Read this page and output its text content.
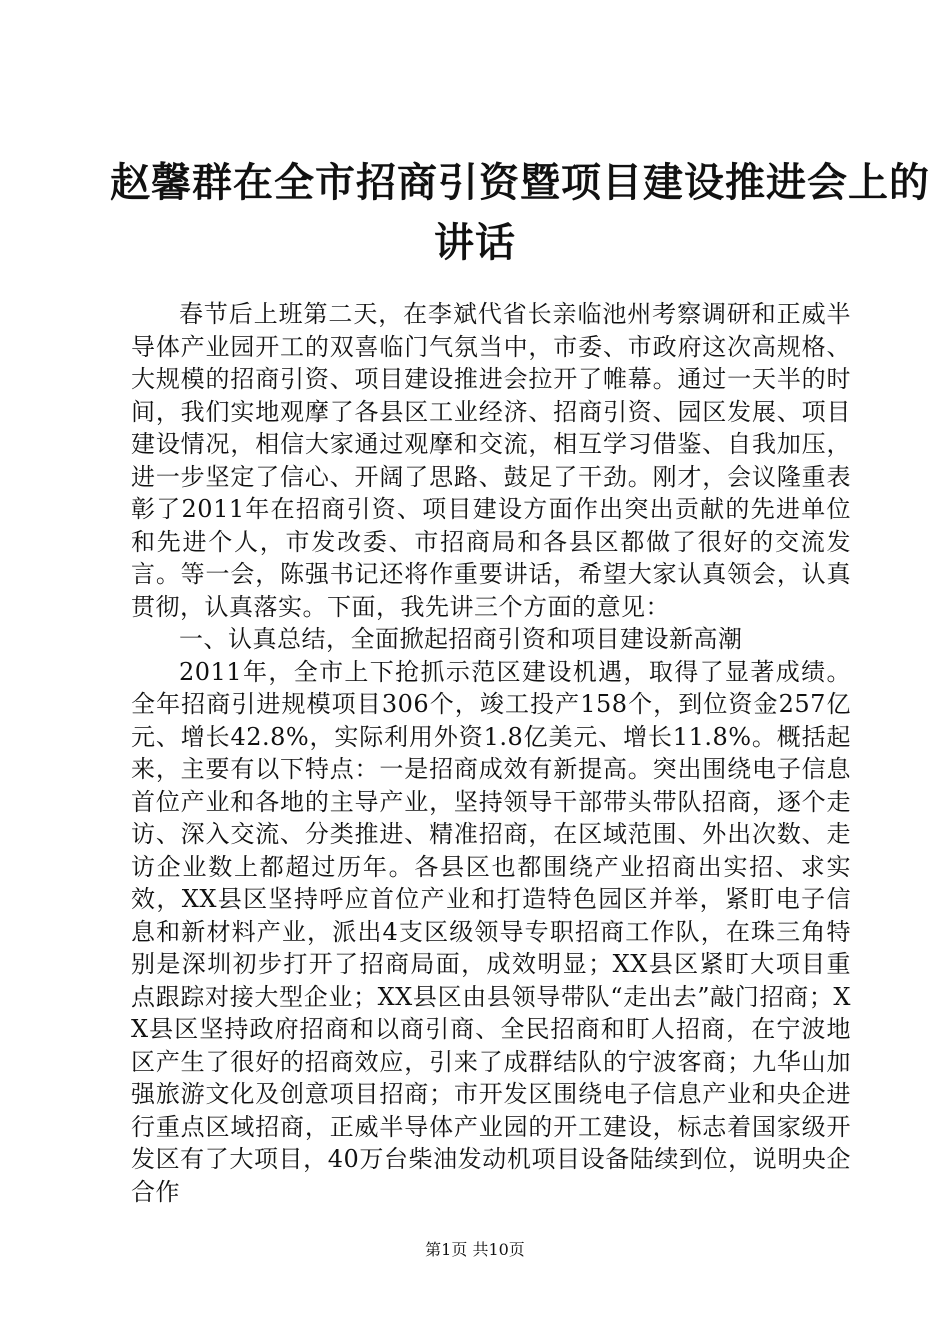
赵馨群在全市招商引资暨项目建设推进会上的
讲话

春节后上班第二天，在李斌代省长亲临池州考察调研和正威半导体产业园开工的双喜临门气氛当中，市委、市政府这次高规格、大规模的招商引资、项目建设推进会拉开了帷幕。通过一天半的时间，我们实地观摩了各县区工业经济、招商引资、园区发展、项目建设情况，相信大家通过观摩和交流，相互学习借鉴、自我加压，进一步坚定了信心、开阔了思路、鼓足了干劲。刚才，会议隆重表彰了2011年在招商引资、项目建设方面作出突出贡献的先进单位和先进个人，市发改委、市招商局和各县区都做了很好的交流发言。等一会，陈强书记还将作重要讲话，希望大家认真领会，认真贯彻，认真落实。下面，我先讲三个方面的意见：

一、认真总结，全面掀起招商引资和项目建设新高潮

2011年，全市上下抢抓示范区建设机遇，取得了显著成绩。全年招商引进规模项目306个，竣工投产158个，到位资金257亿元、增长42.8%，实际利用外资1.8亿美元、增长11.8%。概括起来，主要有以下特点：一是招商成效有新提高。突出围绕电子信息首位产业和各地的主导产业，坚持领导干部带头带队招商，逐个走访、深入交流、分类推进、精准招商，在区域范围、外出次数、走访企业数上都超过历年。各县区也都围绕产业招商出实招、求实效，XX县区坚持呼应首位产业和打造特色园区并举，紧盯电子信息和新材料产业，派出4支区级领导专职招商工作队，在珠三角特别是深圳初步打开了招商局面，成效明显；XX县区紧盯大项目重点跟踪对接大型企业；XX县区由县领导带队“走出去”敲门招商；XX县区坚持政府招商和以商引商、全民招商和盯人招商，在宁波地区产生了很好的招商效应，引来了成群结队的宁波客商；九华山加强旅游文化及创意项目招商；市开发区围绕电子信息产业和央企进行重点区域招商，正威半导体产业园的开工建设，标志着国家级开发区有了大项目，40万台柴油发动机项目设备陆续到位，说明央企合作

第1页 共10页
